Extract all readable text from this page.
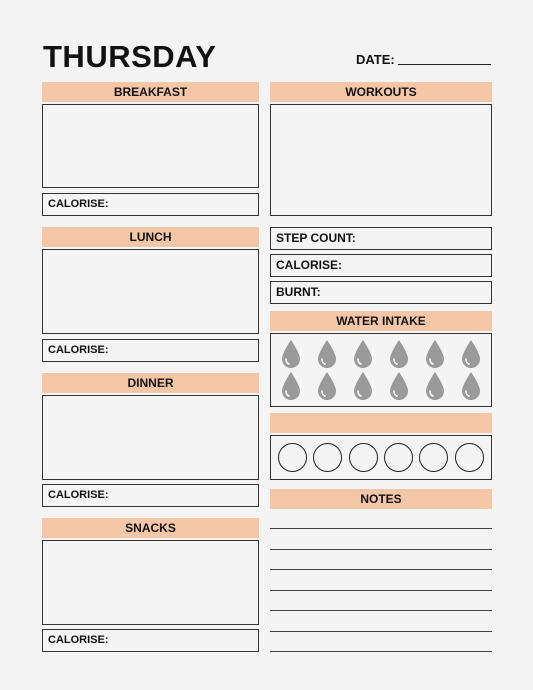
THURSDAY	DATE:
BREAKFAST
CALORISE:
LUNCH
CALORISE:
DINNER
CALORISE:
SNACKS
CALORISE:
WORKOUTS
STEP COUNT:
CALORISE:
BURNT:
WATER INTAKE
NOTES
